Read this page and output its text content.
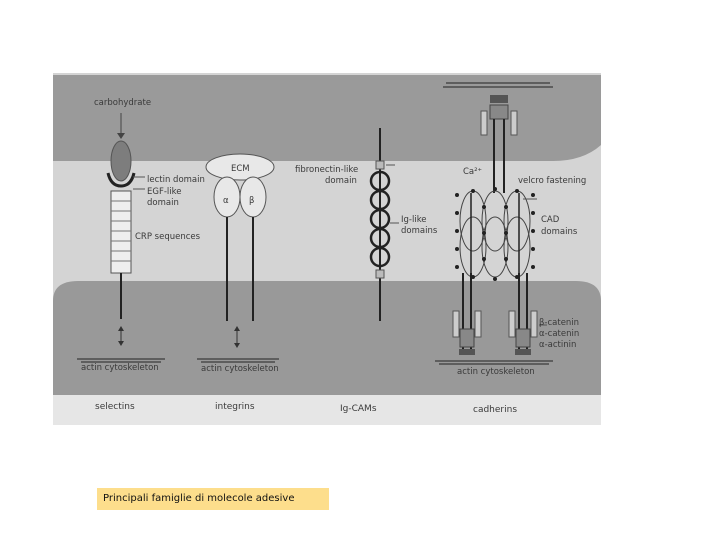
carbohydrate
lectin domain
EGF-like
domain
CRP sequences
ECM
α β
fibronectin-like
domain
Ig-like
domains
Ca²⁺
velcro fastening
CAD
domains
β-catenin
α-catenin
α-actinin
actin cytoskeleton	actin cytoskeleton	actin cytoskeleton
selectins	integrins	Ig-CAMs	cadherins
Principali famiglie di molecole adesive
